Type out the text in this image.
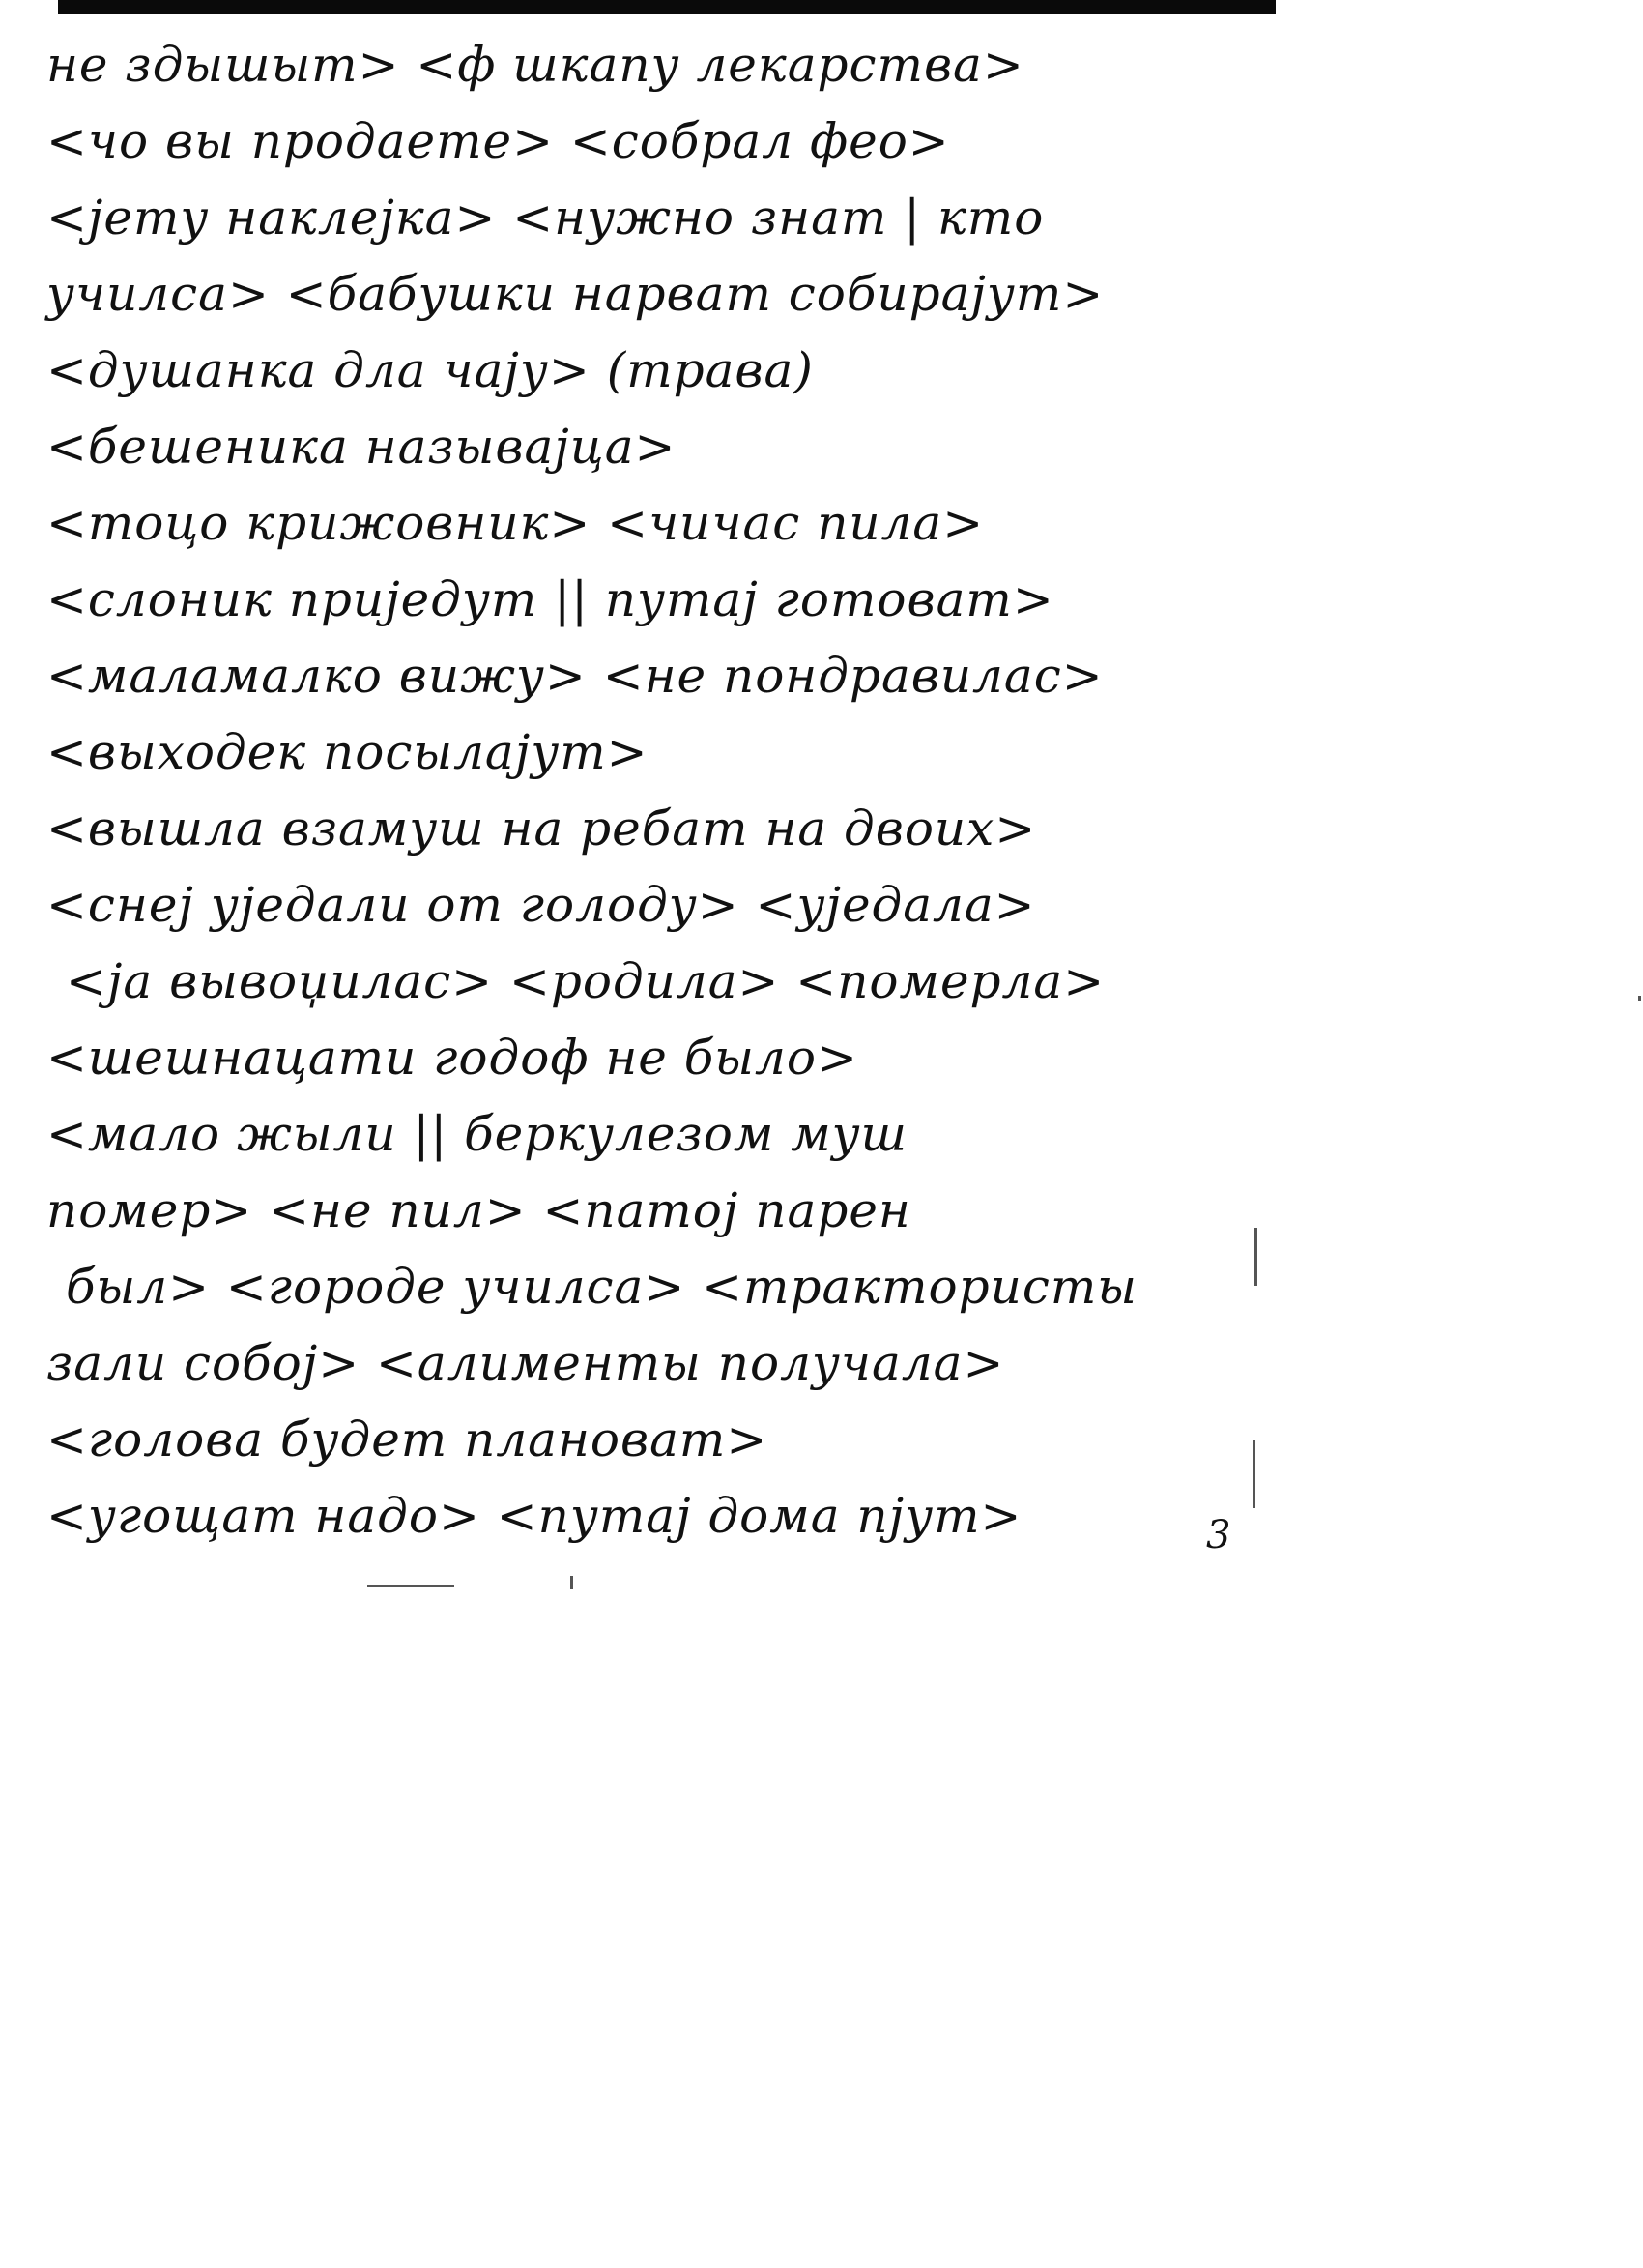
не здышыт> <ф шкапу лекарства>
<чо вы продаете> <собрал фео>
<јету наклејка> <нужно знат | кто
училса> <бабушки нарват собирајут>
<душанка дла чају> (трава)
<бешеника называјца>
<тоцо крижовник> <чичас пила>
<слоник приједут || путај готоват>
<маламалко вижу> <не пондравилас>
<выходек посылајут>
<вышла взамуш на ребат на двоих>
<снеј уједали от голоду> <уједала>
<ја вывоџилас> <родила> <померла>
<шешнацати годоф не было>
<мало жыли || беркулезом муш
помер> <не пил> <патој парен
был> <городе училса> <трактористы
зали собој> <алименты получала>
<голова будет плановат>
<угощат надо> <путај дома пјут>	3
